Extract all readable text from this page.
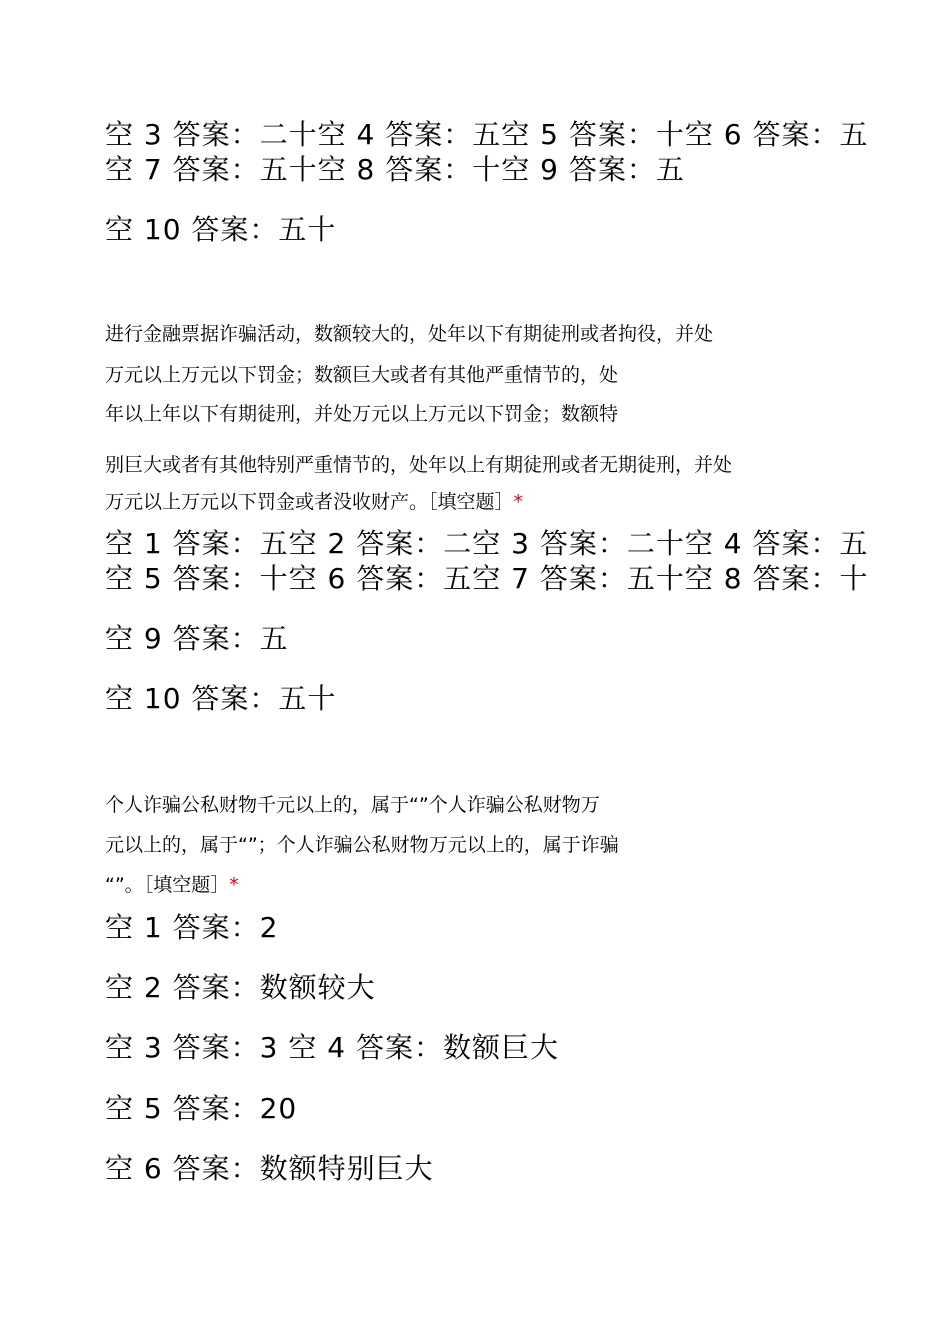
空 3 答案：二十空 4 答案：五空 5 答案：十空 6 答案：五
空 7 答案：五十空 8 答案：十空 9 答案：五
空 10 答案：五十
进行金融票据诈骗活动，数额较大的，处年以下有期徒刑或者拘役，并处
万元以上万元以下罚金；数额巨大或者有其他严重情节的，处
年以上年以下有期徒刑，并处万元以上万元以下罚金；数额特
别巨大或者有其他特别严重情节的，处年以上有期徒刑或者无期徒刑，并处
万元以上万元以下罚金或者没收财产。［填空题］*
空 1 答案：五空 2 答案：二空 3 答案：二十空 4 答案：五
空 5 答案：十空 6 答案：五空 7 答案：五十空 8 答案：十
空 9 答案：五
空 10 答案：五十
个人诈骗公私财物千元以上的，属于“”个人诈骗公私财物万
元以上的，属于“”；个人诈骗公私财物万元以上的，属于诈骗
“”。［填空题］*
空 1 答案：2
空 2 答案：数额较大
空 3 答案：3 空 4 答案：数额巨大
空 5 答案：20
空 6 答案：数额特别巨大
